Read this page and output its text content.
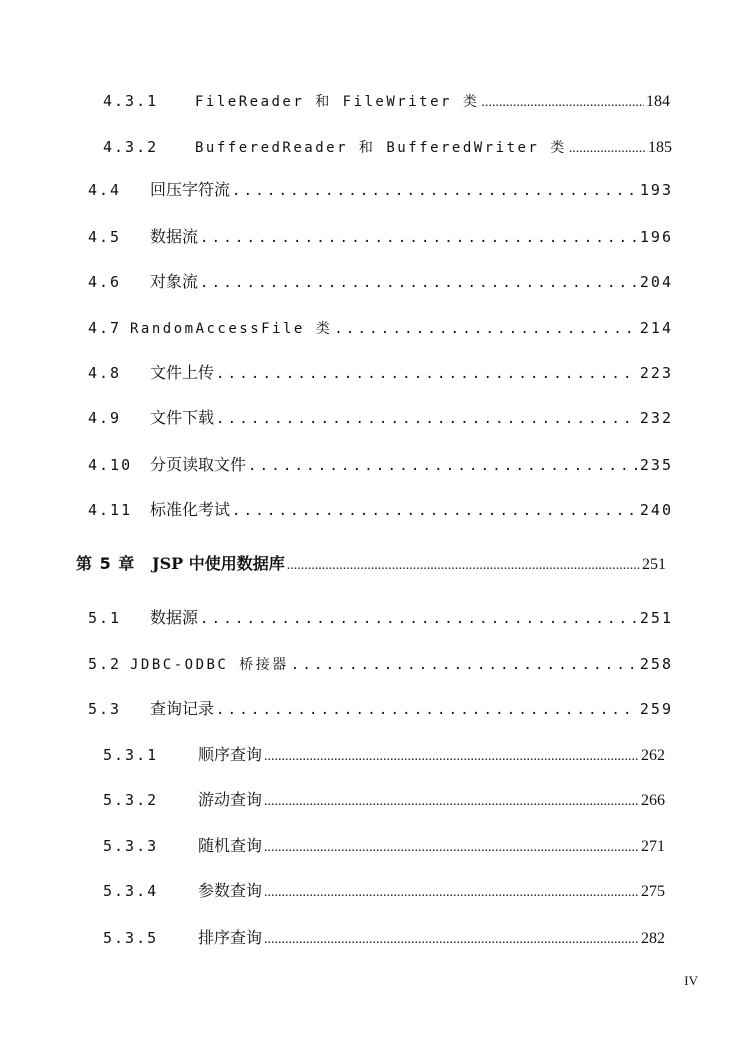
4.3.1	FileReader 和 FileWriter 类 .....	184
4.3.2	BufferedReader 和 BufferedWriter 类 .....	185
4.4	回压字符流 .....	193
4.5	数据流 .....	196
4.6	对象流 .....	204
4.7 RandomAccessFile 类 .....	214
4.8	文件上传 .....	223
4.9	文件下载 .....	232
4.10	分页读取文件 .....	235
4.11	标准化考试 .....	240
第 5 章	JSP 中使用数据库 .....	251
5.1	数据源 .....	251
5.2 JDBC-ODBC 桥接器 .....	258
5.3	查询记录 .....	259
5.3.1	顺序查询 .....	262
5.3.2	游动查询 .....	266
5.3.3	随机查询 .....	271
5.3.4	参数查询 .....	275
5.3.5	排序查询 .....	282
IV
